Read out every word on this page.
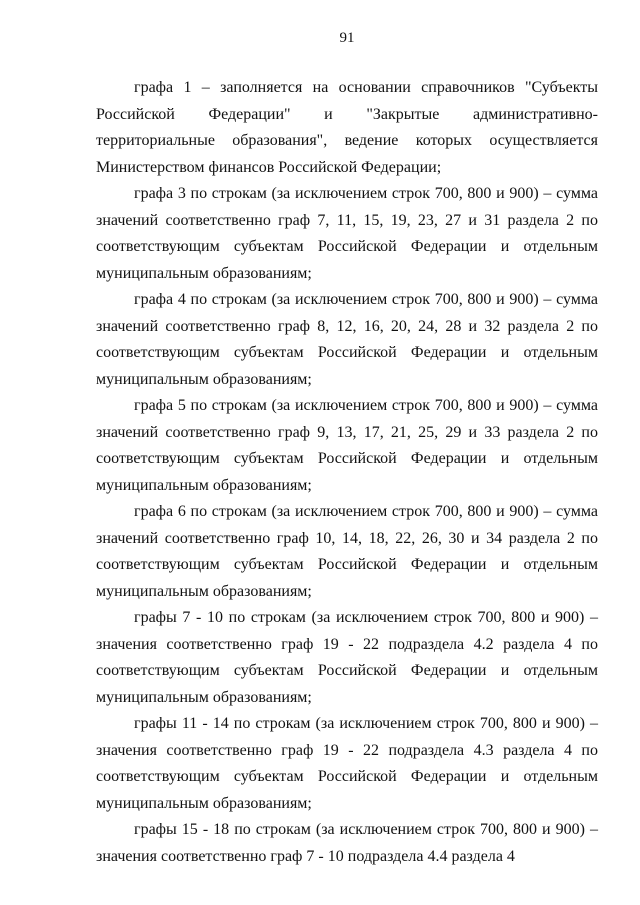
91

графа 1 – заполняется на основании справочников "Субъекты Российской Федерации" и "Закрытые административно-территориальные образования", ведение которых осуществляется Министерством финансов Российской Федерации;

графа 3 по строкам (за исключением строк 700, 800 и 900) – сумма значений соответственно граф 7, 11, 15, 19, 23, 27 и 31 раздела 2 по соответствующим субъектам Российской Федерации и отдельным муниципальным образованиям;

графа 4 по строкам (за исключением строк 700, 800 и 900) – сумма значений соответственно граф 8, 12, 16, 20, 24, 28 и 32 раздела 2 по соответствующим субъектам Российской Федерации и отдельным муниципальным образованиям;

графа 5 по строкам (за исключением строк 700, 800 и 900) – сумма значений соответственно граф 9, 13, 17, 21, 25, 29 и 33 раздела 2 по соответствующим субъектам Российской Федерации и отдельным муниципальным образованиям;

графа 6 по строкам (за исключением строк 700, 800 и 900) – сумма значений соответственно граф 10, 14, 18, 22, 26, 30 и 34 раздела 2 по соответствующим субъектам Российской Федерации и отдельным муниципальным образованиям;

графы 7 - 10 по строкам (за исключением строк 700, 800 и 900) – значения соответственно граф 19 - 22 подраздела 4.2 раздела 4 по соответствующим субъектам Российской Федерации и отдельным муниципальным образованиям;

графы 11 - 14 по строкам (за исключением строк 700, 800 и 900) – значения соответственно граф 19 - 22 подраздела 4.3 раздела 4 по соответствующим субъектам Российской Федерации и отдельным муниципальным образованиям;

графы 15 - 18 по строкам (за исключением строк 700, 800 и 900) – значения соответственно граф 7 - 10 подраздела 4.4 раздела 4
